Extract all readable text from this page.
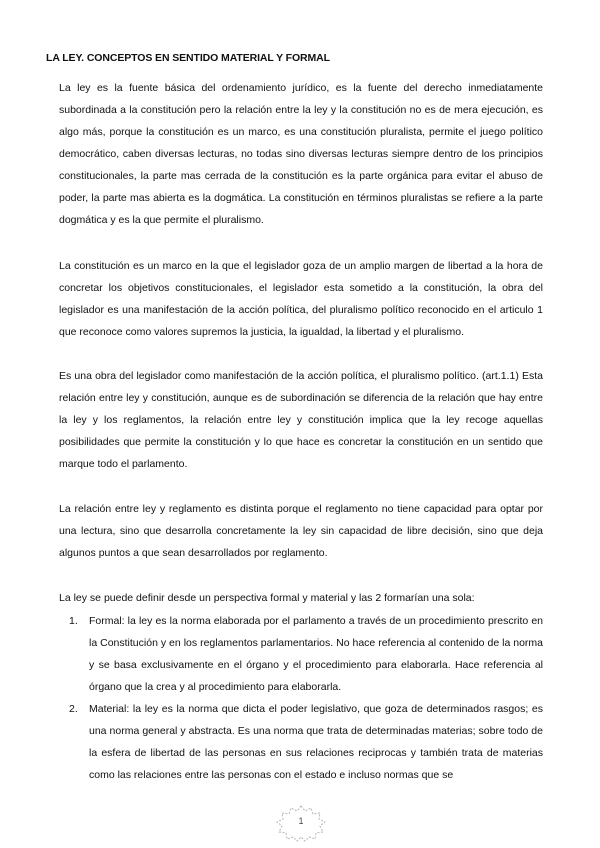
LA LEY. CONCEPTOS EN SENTIDO MATERIAL Y FORMAL

La ley es la fuente básica del ordenamiento jurídico, es la fuente del derecho inmediatamente subordinada a la constitución pero la relación entre la ley y la constitución no es de mera ejecución, es algo más, porque la constitución es un marco, es una constitución pluralista, permite el juego político democrático, caben diversas lecturas, no todas sino diversas lecturas siempre dentro de los principios constitucionales, la parte mas cerrada de la constitución es la parte orgánica para evitar el abuso de poder, la parte mas abierta es la dogmática. La constitución en términos pluralistas se refiere a la parte dogmática y es la que permite el pluralismo.

La constitución es un marco en la que el legislador goza de un amplio margen de libertad a la hora de concretar los objetivos constitucionales, el legislador esta sometido a la constitución, la obra del legislador es una manifestación de la acción política, del pluralismo político reconocido en el articulo 1 que reconoce como valores supremos la justicia, la igualdad, la libertad y el pluralismo.

Es una obra del legislador como manifestación de la acción política, el pluralismo político. (art.1.1) Esta relación entre ley y constitución, aunque es de subordinación se diferencia de la relación que hay entre la ley y los reglamentos, la relación entre ley y constitución implica que la ley recoge aquellas posibilidades que permite la constitución y lo que hace es concretar la constitución en un sentido que marque todo el parlamento.

La relación entre ley y reglamento es distinta porque el reglamento no tiene capacidad para optar por una lectura, sino que desarrolla concretamente la ley sin capacidad de libre decisión, sino que deja algunos puntos a que sean desarrollados por reglamento.

La ley se puede definir desde un perspectiva formal y material y las 2 formarían una sola:

1. Formal: la ley es la norma elaborada por el parlamento a través de un procedimiento prescrito en la Constitución y en los reglamentos parlamentarios. No hace referencia al contenido de la norma y se basa exclusivamente en el órgano y el procedimiento para elaborarla. Hace referencia al órgano que la crea y al procedimiento para elaborarla.
2. Material: la ley es la norma que dicta el poder legislativo, que goza de determinados rasgos; es una norma general y abstracta. Es una norma que trata de determinadas materias; sobre todo de la esfera de libertad de las personas en sus relaciones reciprocas y también trata de materias como las relaciones entre las personas con el estado e incluso normas que se
1
